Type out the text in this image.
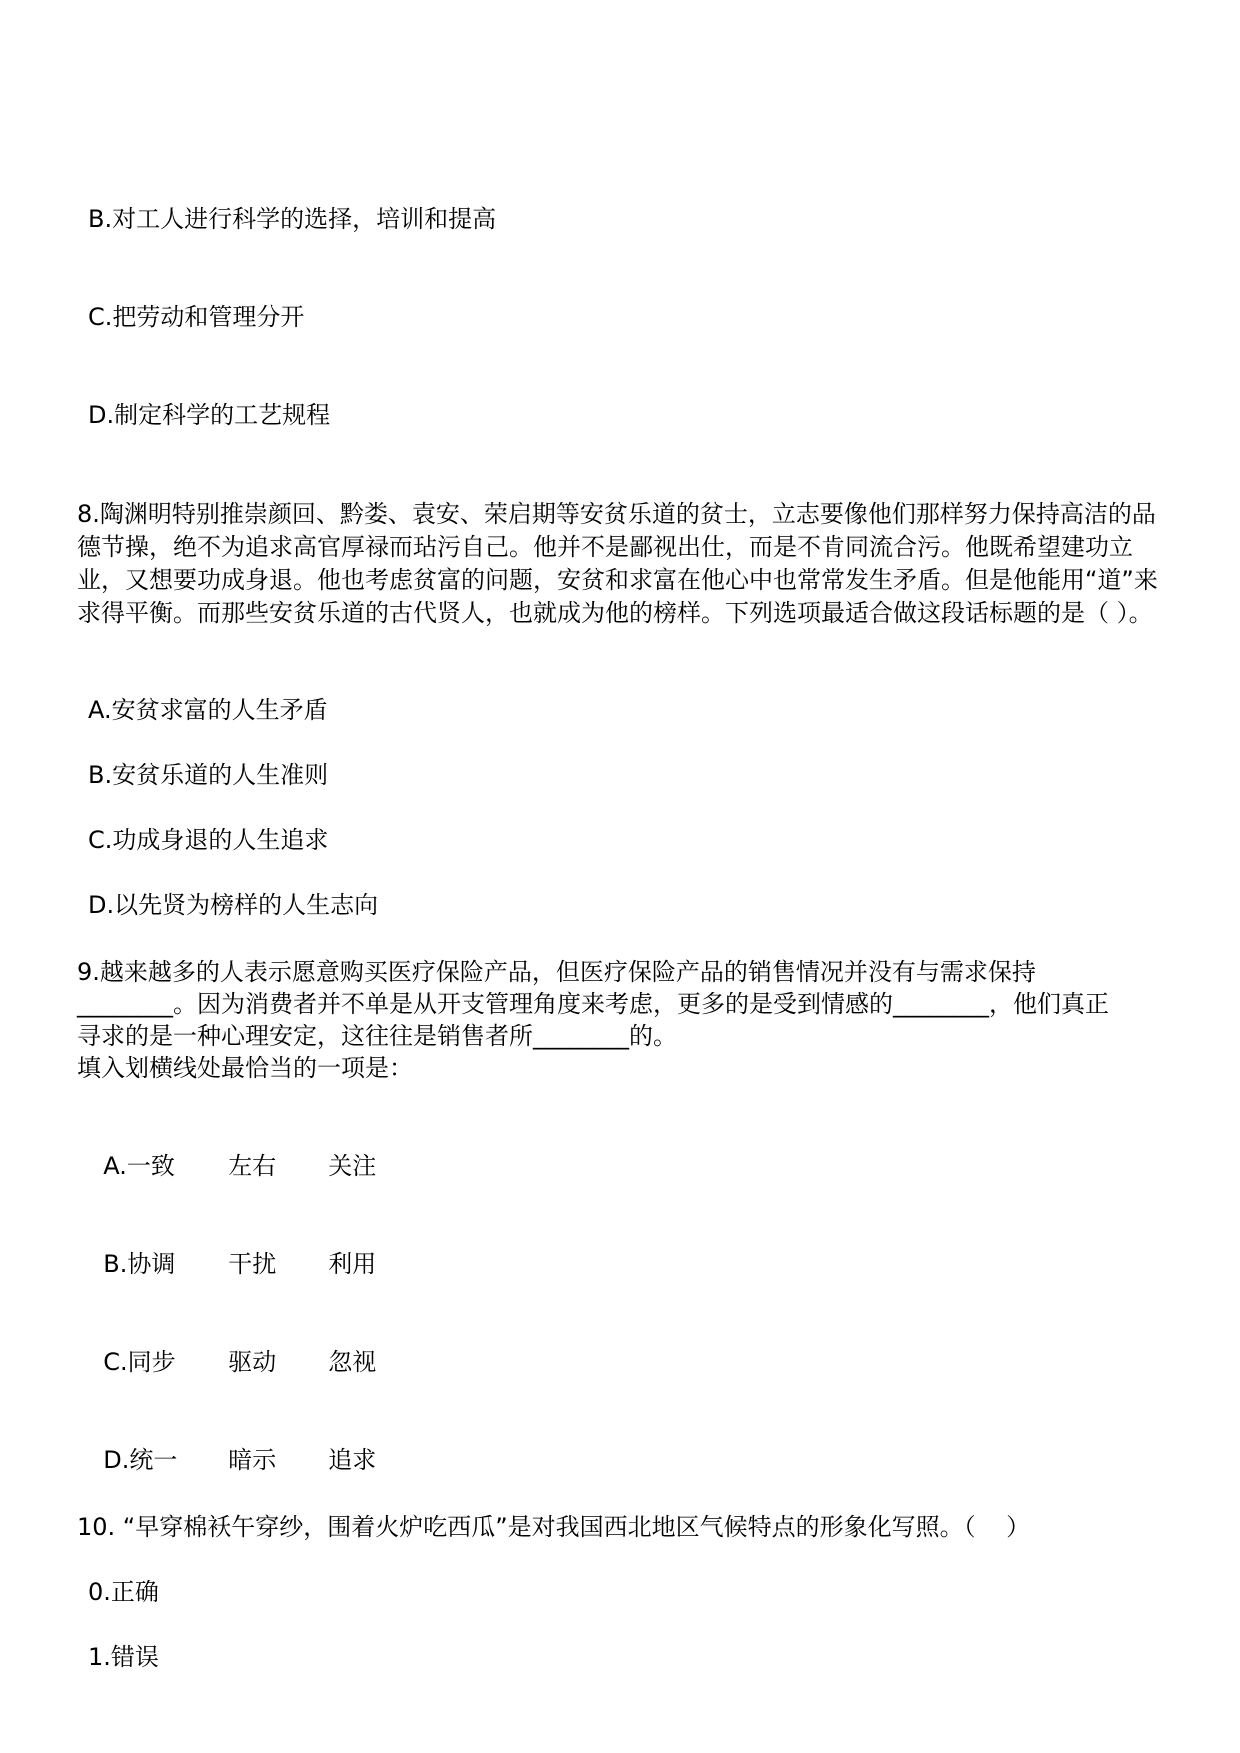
B.对工人进行科学的选择，培训和提高
C.把劳动和管理分开
D.制定科学的工艺规程

8.陶渊明特别推崇颜回、黔娄、袁安、荣启期等安贫乐道的贫士，立志要像他们那样努力保持高洁的品德节操，绝不为追求高官厚禄而玷污自己。他并不是鄙视出仕，而是不肯同流合污。他既希望建功立业，又想要功成身退。他也考虑贫富的问题，安贫和求富在他心中也常常发生矛盾。但是他能用“道”来求得平衡。而那些安贫乐道的古代贤人，也就成为他的榜样。下列选项最适合做这段话标题的是（ ）。

A.安贫求富的人生矛盾
B.安贫乐道的人生准则
C.功成身退的人生追求
D.以先贤为榜样的人生志向
9.越来越多的人表示愿意购买医疗保险产品，但医疗保险产品的销售情况并没有与需求保持
________。因为消费者并不单是从开支管理角度来考虑，更多的是受到情感的________，他们真正
寻求的是一种心理安定，这往往是销售者所________的。
填入划横线处最恰当的一项是：

A.一致 左右 关注

B.协调 干扰 利用

C.同步 驱动 忽视

D.统一 暗示 追求

10. “早穿棉袄午穿纱，围着火炉吃西瓜”是对我国西北地区气候特点的形象化写照。（    ）
0.正确
1.错误
